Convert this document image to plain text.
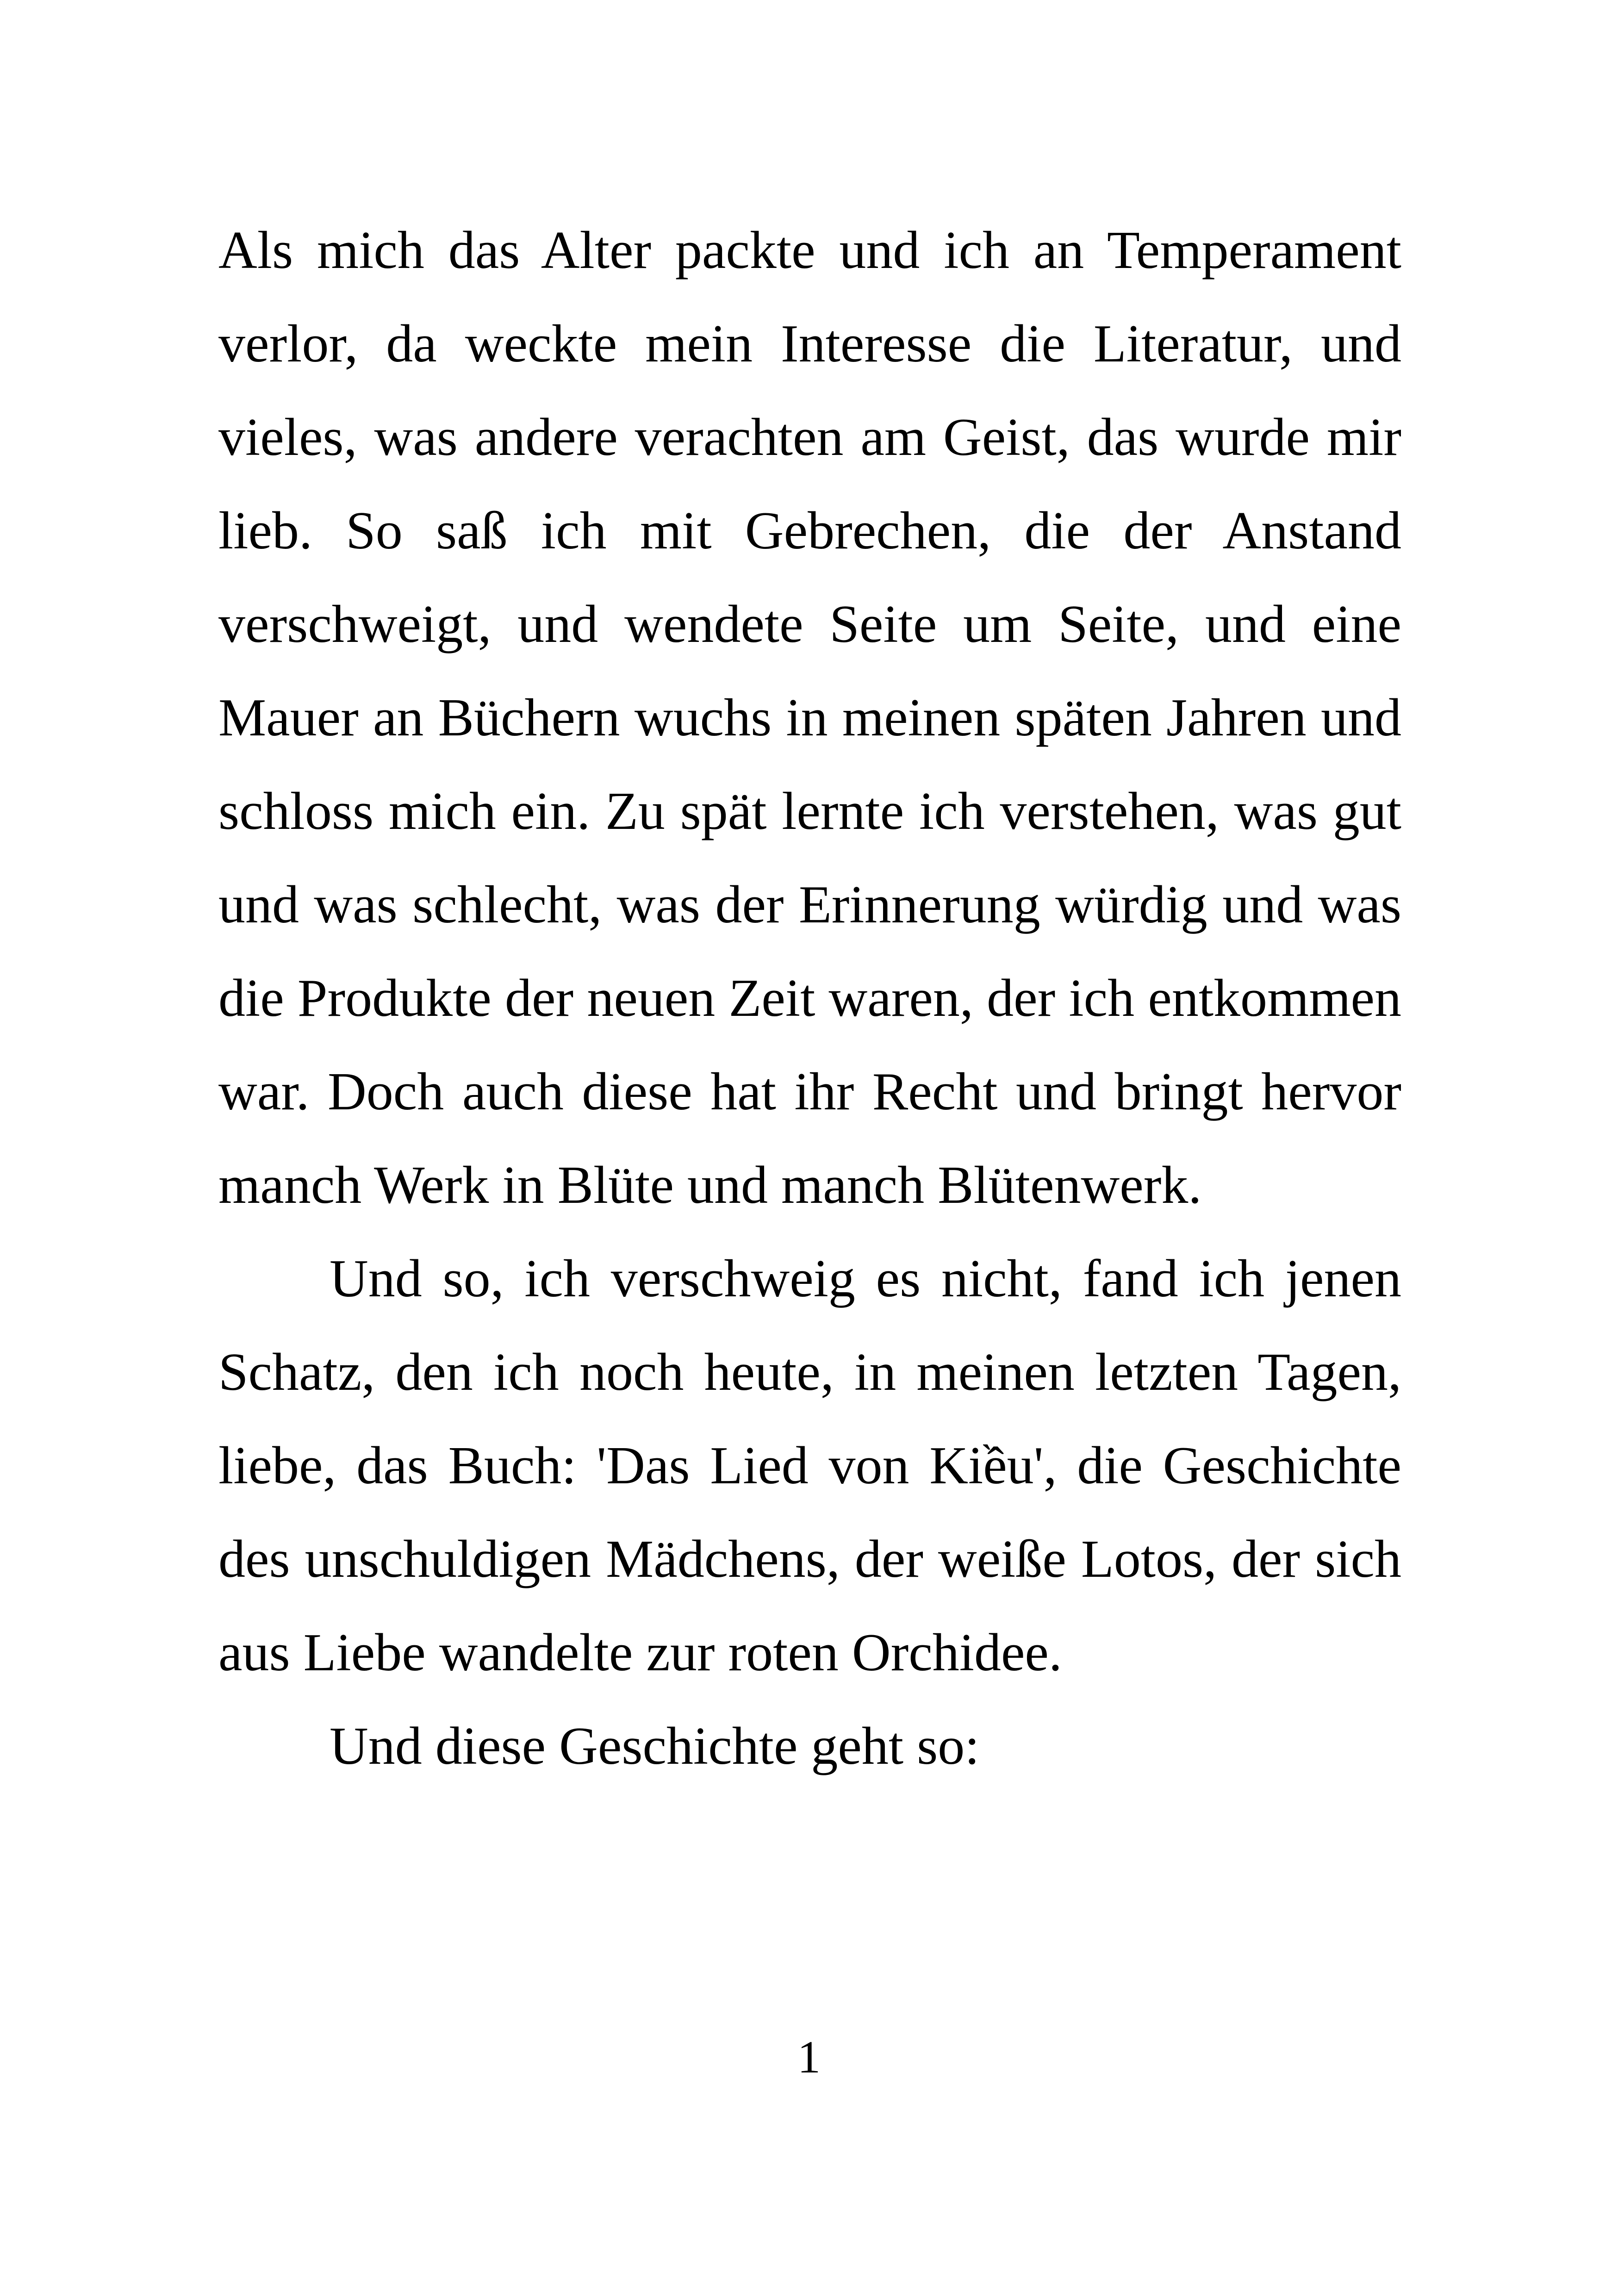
Als mich das Alter packte und ich an Temperament verlor, da weckte mein Interesse die Literatur, und vieles, was andere verachten am Geist, das wurde mir lieb. So saß ich mit Gebrechen, die der Anstand verschweigt, und wendete Seite um Seite, und eine Mauer an Büchern wuchs in meinen späten Jahren und schloss mich ein. Zu spät lernte ich verstehen, was gut und was schlecht, was der Erinnerung würdig und was die Produkte der neuen Zeit waren, der ich entkommen war. Doch auch diese hat ihr Recht und bringt hervor manch Werk in Blüte und manch Blütenwerk.

Und so, ich verschweig es nicht, fand ich jenen Schatz, den ich noch heute, in meinen letzten Tagen, liebe, das Buch: 'Das Lied von Kiều', die Geschichte des unschuldigen Mädchens, der weiße Lotos, der sich aus Liebe wandelte zur roten Orchidee.

Und diese Geschichte geht so:

1
